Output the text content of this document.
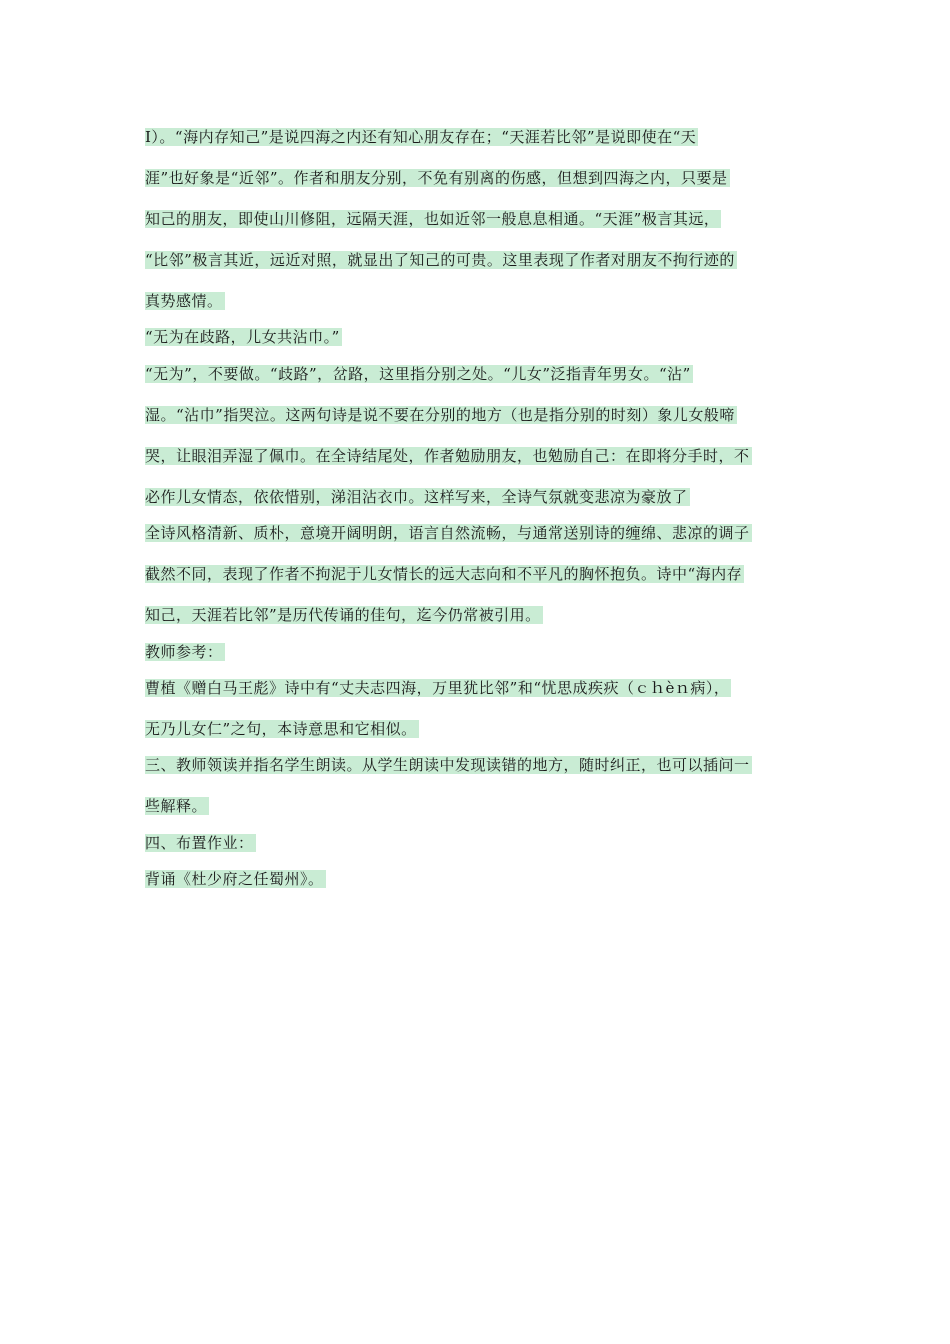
I）。“海内存知己”是说四海之内还有知心朋友存在；“天涯若比邻”是说即使在“天
涯”也好象是“近邻”。作者和朋友分别，不免有别离的伤感，但想到四海之内，只要是
知己的朋友，即使山川修阻，远隔天涯，也如近邻一般息息相通。“天涯”极言其远，
“比邻”极言其近，远近对照，就显出了知己的可贵。这里表现了作者对朋友不拘行迹的
真势感情。
“无为在歧路，儿女共沾巾。”
“无为”，不要做。“歧路”，岔路，这里指分别之处。“儿女”泛指青年男女。“沾”
湿。“沾巾”指哭泣。这两句诗是说不要在分别的地方（也是指分别的时刻）象儿女般啼
哭，让眼泪弄湿了佩巾。在全诗结尾处，作者勉励朋友，也勉励自己：在即将分手时，不
必作儿女情态，依依惜别，涕泪沾衣巾。这样写来，全诗气氛就变悲凉为豪放了
全诗风格清新、质朴，意境开阔明朗，语言自然流畅，与通常送别诗的缠绵、悲凉的调子
截然不同，表现了作者不拘泥于儿女情长的远大志向和不平凡的胸怀抱负。诗中“海内存
知己，天涯若比邻”是历代传诵的佳句，迄今仍常被引用。
教师参考：
曹植《赠白马王彪》诗中有“丈夫志四海，万里犹比邻”和“忧思成疾疢（ｃｈèｎ病），
无乃儿女仁”之句，本诗意思和它相似。
三、教师领读并指名学生朗读。从学生朗读中发现读错的地方，随时纠正，也可以插问一
些解释。
四、布置作业：
背诵《杜少府之任蜀州》。
